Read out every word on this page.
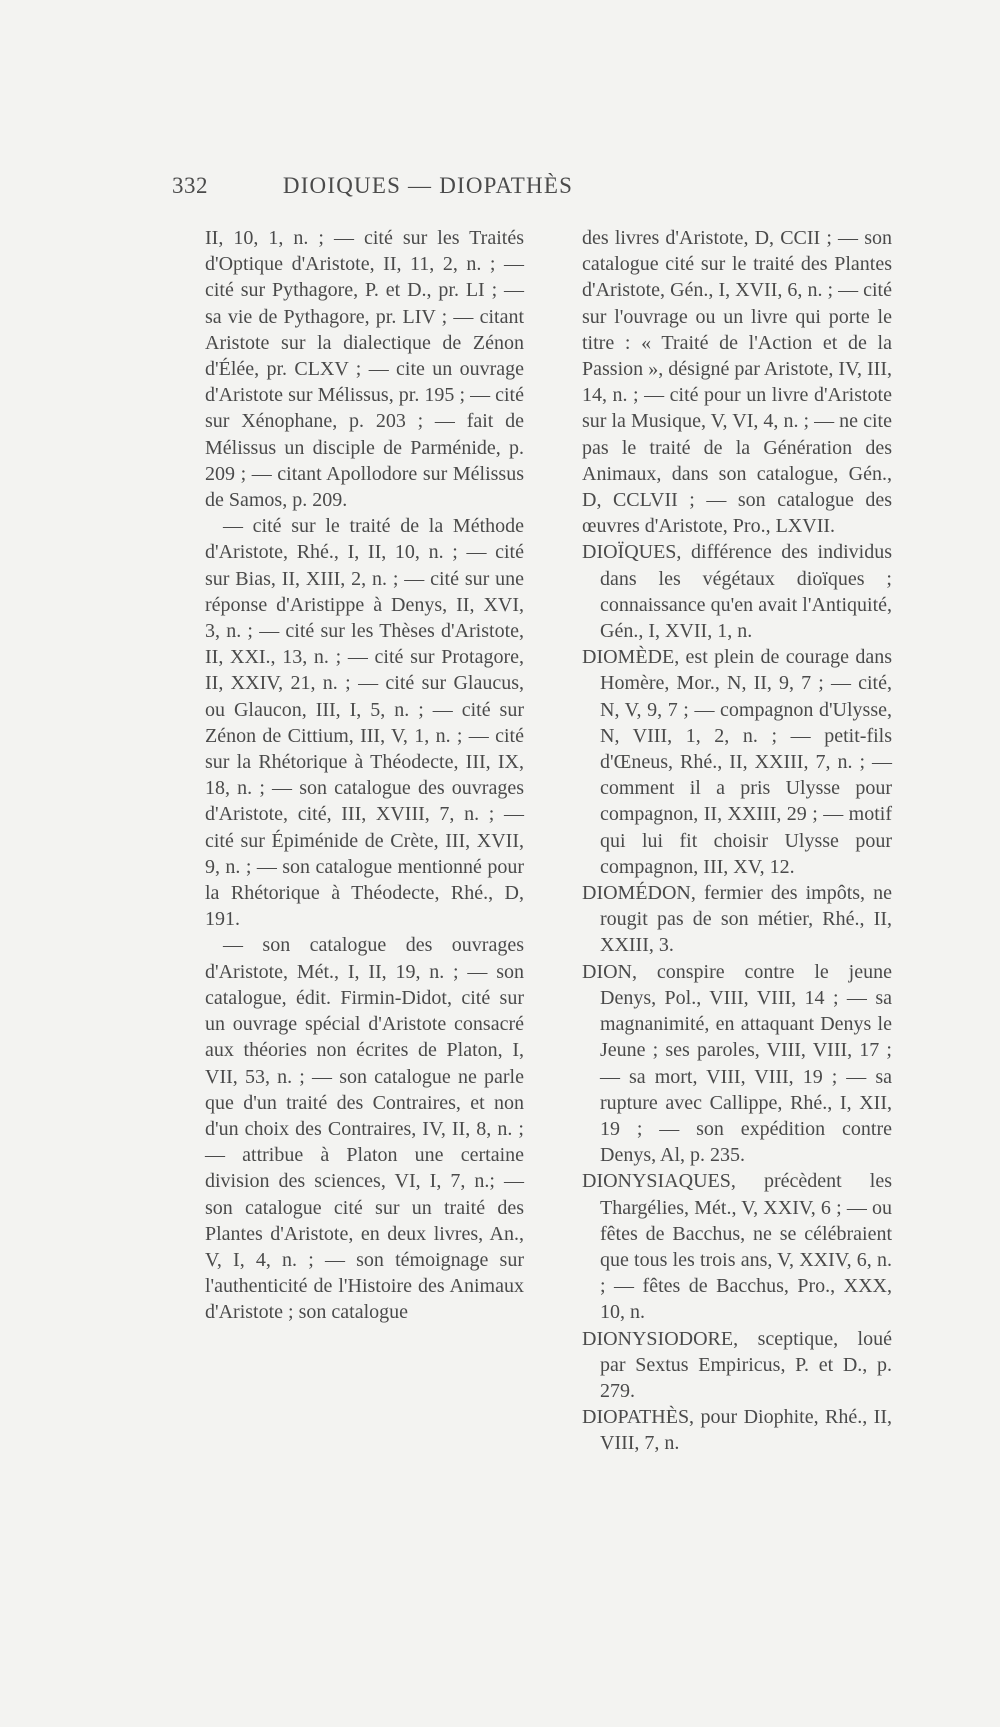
332	DIOIQUES — DIOPATHÈS

II, 10, 1, n. ; — cité sur les Traités d'Optique d'Aristote, II, 11, 2, n. ; — cité sur Pythagore, P. et D., pr. LI ; — sa vie de Pythagore, pr. LIV ; — citant Aristote sur la dialectique de Zénon d'Élée, pr. CLXV ; — cite un ouvrage d'Aristote sur Mélissus, pr. 195 ; — cité sur Xénophane, p. 203 ; — fait de Mélissus un disciple de Parménide, p. 209 ; — citant Apollodore sur Mélissus de Samos, p. 209.

— cité sur le traité de la Méthode d'Aristote, Rhé., I, II, 10, n. ; — cité sur Bias, II, XIII, 2, n. ; — cité sur une réponse d'Aristippe à Denys, II, XVI, 3, n. ; — cité sur les Thèses d'Aristote, II, XXI., 13, n. ; — cité sur Protagore, II, XXIV, 21, n. ; — cité sur Glaucus, ou Glaucon, III, I, 5, n. ; — cité sur Zénon de Cittium, III, V, 1, n. ; — cité sur la Rhétorique à Théodecte, III, IX, 18, n. ; — son catalogue des ouvrages d'Aristote, cité, III, XVIII, 7, n. ; — cité sur Épiménide de Crète, III, XVII, 9, n. ; — son catalogue mentionné pour la Rhétorique à Théodecte, Rhé., D, 191.

— son catalogue des ouvrages d'Aristote, Mét., I, II, 19, n. ; — son catalogue, édit. Firmin-Didot, cité sur un ouvrage spécial d'Aristote consacré aux théories non écrites de Platon, I, VII, 53, n. ; — son catalogue ne parle que d'un traité des Contraires, et non d'un choix des Contraires, IV, II, 8, n. ; — attribue à Platon une certaine division des sciences, VI, I, 7, n.; — son catalogue cité sur un traité des Plantes d'Aristote, en deux livres, An., V, I, 4, n. ; — son témoignage sur l'authenticité de l'Histoire des Animaux d'Aristote ; son catalogue

des livres d'Aristote, D, CCII ; — son catalogue cité sur le traité des Plantes d'Aristote, Gén., I, XVII, 6, n. ; — cité sur l'ouvrage ou un livre qui porte le titre : « Traité de l'Action et de la Passion », désigné par Aristote, IV, III, 14, n. ; — cité pour un livre d'Aristote sur la Musique, V, VI, 4, n. ; — ne cite pas le traité de la Génération des Animaux, dans son catalogue, Gén., D, CCLVII ; — son catalogue des œuvres d'Aristote, Pro., LXVII.

DIOÏQUES, différence des individus dans les végétaux dioïques ; connaissance qu'en avait l'Antiquité, Gén., I, XVII, 1, n.

DIOMÈDE, est plein de courage dans Homère, Mor., N, II, 9, 7 ; — cité, N, V, 9, 7 ; — compagnon d'Ulysse, N, VIII, 1, 2, n. ; — petit-fils d'Œneus, Rhé., II, XXIII, 7, n. ; — comment il a pris Ulysse pour compagnon, II, XXIII, 29 ; — motif qui lui fit choisir Ulysse pour compagnon, III, XV, 12.

DIOMÉDON, fermier des impôts, ne rougit pas de son métier, Rhé., II, XXIII, 3.

DION, conspire contre le jeune Denys, Pol., VIII, VIII, 14 ; — sa magnanimité, en attaquant Denys le Jeune ; ses paroles, VIII, VIII, 17 ; — sa mort, VIII, VIII, 19 ; — sa rupture avec Callippe, Rhé., I, XII, 19 ; — son expédition contre Denys, Al, p. 235.

DIONYSIAQUES, précèdent les Thargélies, Mét., V, XXIV, 6 ; — ou fêtes de Bacchus, ne se célébraient que tous les trois ans, V, XXIV, 6, n. ; — fêtes de Bacchus, Pro., XXX, 10, n.

DIONYSIODORE, sceptique, loué par Sextus Empiricus, P. et D., p. 279.

DIOPATHÈS, pour Diophite, Rhé., II, VIII, 7, n.
